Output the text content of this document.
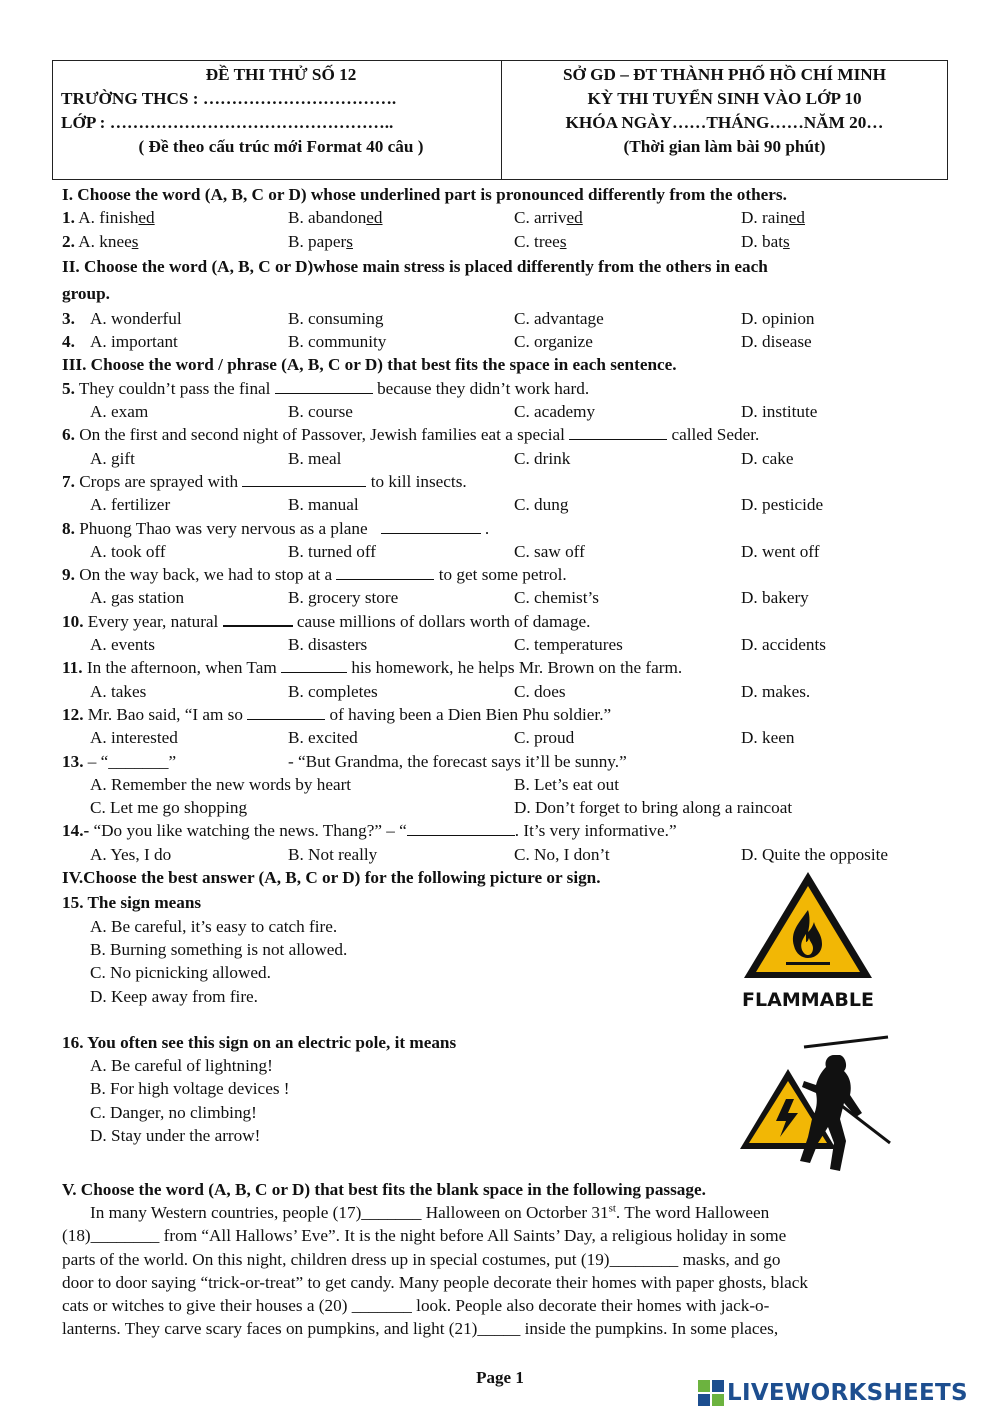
ĐỀ THI THỬ SỐ 12
TRƯỜNG THCS : …………………………….
LỚP : …………………………………………..
( Đề theo cấu trúc mới Format 40 câu )
SỞ GD – ĐT THÀNH PHỐ HỒ CHÍ MINH
KỲ THI TUYỂN SINH VÀO LỚP 10
KHÓA NGÀY……THÁNG……NĂM 20…
(Thời gian làm bài 90 phút)
I. Choose the word (A, B, C or D) whose underlined part is pronounced differently from the others.
1. A. finished	B. abandoned	C. arrived	D. rained
2. A. knees	B. papers	C. trees	D. bats
II. Choose the word (A, B, C or D)whose main stress is placed differently from the others in each
group.
3. A. wonderful	B. consuming	C. advantage	D. opinion
4. A. important	B. community	C. organize	D. disease
III. Choose the word / phrase (A, B, C or D) that best fits the space in each sentence.
5. They couldn’t pass the final	because they didn’t work hard.
A. exam	B. course	C. academy	D. institute
6. On the first and second night of Passover, Jewish families eat a special	called Seder.
A. gift	B. meal	C. drink	D. cake
7. Crops are sprayed with	to kill insects.
A. fertilizer	B. manual	C. dung	D. pesticide
8. Phuong Thao was very nervous as a plane	.
A. took off	B. turned off	C. saw off	D. went off
9. On the way back, we had to stop at a	to get some petrol.
A. gas station	B. grocery store	C. chemist’s	D. bakery
10. Every year, natural	cause millions of dollars worth of damage.
A. events	B. disasters	C. temperatures	D. accidents
11. In the afternoon, when Tam	his homework, he helps Mr. Brown on the farm.
A. takes	B. completes	C. does	D. makes.
12. Mr. Bao said, “I am so	of having been a Dien Bien Phu soldier.”
A. interested	B. excited	C. proud	D. keen
13. – “_______”	- “But Grandma, the forecast says it’ll be sunny.”
A. Remember the new words by heart	B. Let’s eat out
C. Let me go shopping	D. Don’t forget to bring along a raincoat
14.- “Do you like watching the news. Thang?” – “	. It’s very informative.”
A. Yes, I do	B. Not really	C. No, I don’t	D. Quite the opposite
IV.Choose the best answer (A, B, C or D) for the following picture or sign.
15. The sign means
A. Be careful, it’s easy to catch fire.
B. Burning something is not allowed.
C. No picnicking allowed.
D. Keep away from fire.
16. You often see this sign on an electric pole, it means
A. Be careful of lightning!
B. For high voltage devices !
C. Danger, no climbing!
D. Stay under the arrow!
FLAMMABLE
V. Choose the word (A, B, C or D) that best fits the blank space in the following passage.
In many Western countries, people (17)_______ Halloween on Octorber 31st. The word Halloween
(18)________ from “All Hallows’ Eve”. It is the night before All Saints’ Day, a religious holiday in some
parts of the world. On this night, children dress up in special costumes, put (19)________ masks, and go
door to door saying “trick-or-treat” to get candy. Many people decorate their homes with paper ghosts, black
cats or witches to give their houses a (20) _______ look. People also decorate their homes with jack-o-
lanterns. They carve scary faces on pumpkins, and light (21)_____ inside the pumpkins. In some places,
Page 1
LIVEWORKSHEETS
